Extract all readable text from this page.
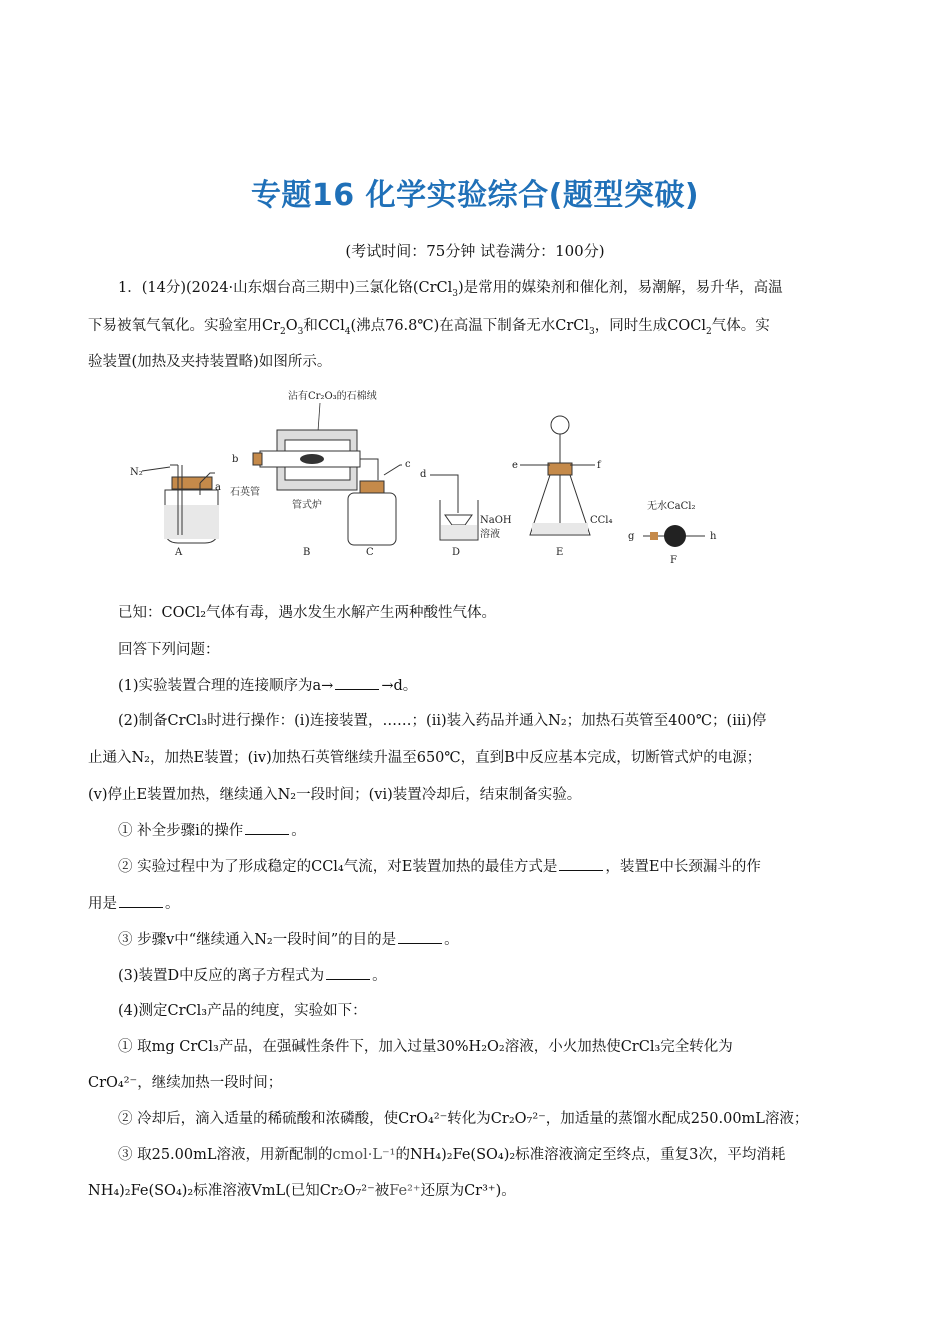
专题16 化学实验综合(题型突破)
(考试时间：75分钟 试卷满分：100分)
1．(14分)(2024·山东烟台高三期中)三氯化铬(CrCl$_3$)是常用的媒染剂和催化剂，易潮解，易升华，高温
下易被氧气氧化。实验室用$Cr_2O_3$和CCl$_4$(沸点76.8℃)在高温下制备无水CrCl$_3$，同时生成COCl$_2$气体。实
验装置(加热及夹持装置略)如图所示。
沾有Cr₂O₃的石棉绒
N₂
a
A
b
石英管
管式炉
B
c
C
d
NaOH
溶液
D
e	f
CCl₄
E
无水CaCl₂
g	h
F
已知：COCl₂气体有毒，遇水发生水解产生两种酸性气体。
回答下列问题：
(1)实验装置合理的连接顺序为a→	→d。
(2)制备CrCl₃时进行操作：(i)连接装置，……；(ii)装入药品并通入N₂；加热石英管至400℃；(iii)停
止通入N₂，加热E装置；(iv)加热石英管继续升温至650℃，直到B中反应基本完成，切断管式炉的电源；
(v)停止E装置加热，继续通入N₂一段时间；(vi)装置冷却后，结束制备实验。
① 补全步骤i的操作	。
② 实验过程中为了形成稳定的CCl₄气流，对E装置加热的最佳方式是	，装置E中长颈漏斗的作
用是	。
③ 步骤v中“继续通入N₂一段时间”的目的是	。
(3)装置D中反应的离子方程式为	。
(4)测定CrCl₃产品的纯度，实验如下：
① 取mg CrCl₃产品，在强碱性条件下，加入过量30%H₂O₂溶液，小火加热使CrCl₃完全转化为
CrO₄²⁻，继续加热一段时间；
② 冷却后，滴入适量的稀硫酸和浓磷酸，使CrO₄²⁻转化为Cr₂O₇²⁻，加适量的蒸馏水配成250.00mL溶液；
③ 取25.00mL溶液，用新配制的cmol·L⁻¹的NH₄)₂Fe(SO₄)₂标准溶液滴定至终点，重复3次，平均消耗
NH₄)₂Fe(SO₄)₂标准溶液VmL(已知Cr₂O₇²⁻被Fe²⁺还原为Cr³⁺)。
